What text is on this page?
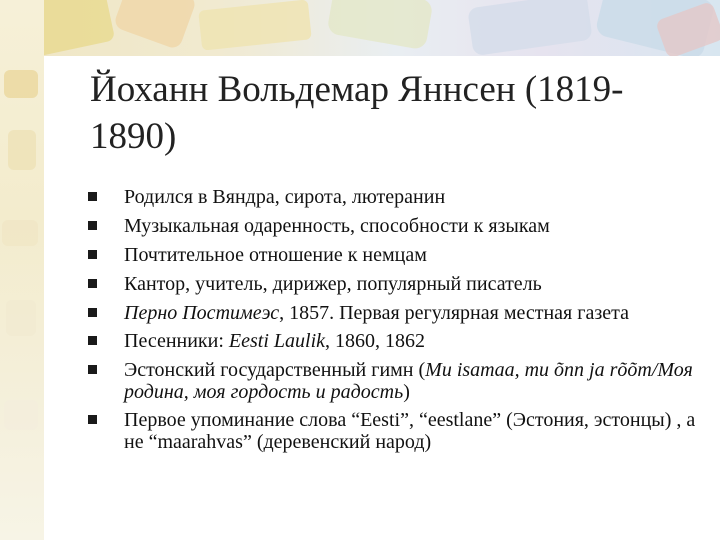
Йоханн Вольдемар Яннсен (1819-1890)
Родился в Вяндра, сирота, лютеранин
Музыкальная одаренность, способности к языкам
Почтительное отношение к немцам
Кантор, учитель, дирижер, популярный писатель
Перно Постимеэс, 1857. Первая регулярная местная газета
Песенники: Eesti Laulik, 1860, 1862
Эстонский государственный гимн (Mu isamaa, mu õnn ja rõõm/Моя родина, моя гордость и радость)
Первое упоминание слова “Eesti”, “eestlane” (Эстония, эстонцы) , а не “maarahvas” (деревенский народ)
